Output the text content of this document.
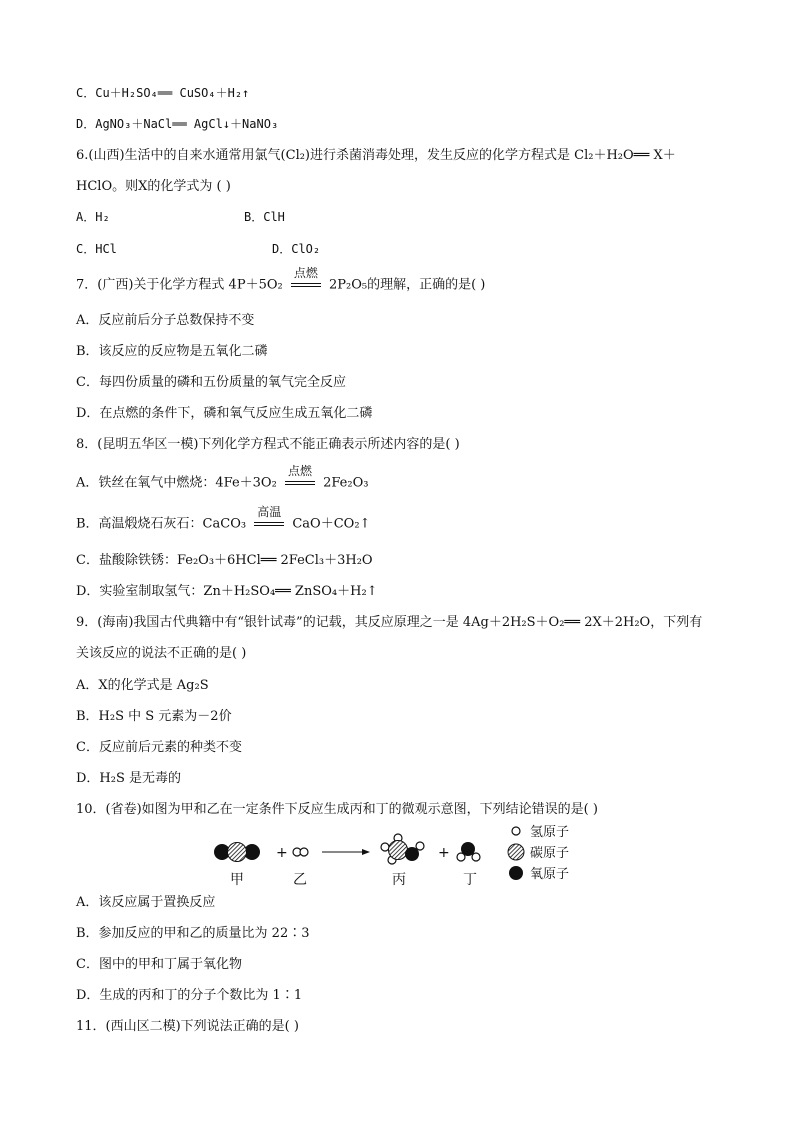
C．Cu＋H₂SO₄══ CuSO₄＋H₂↑
D．AgNO₃＋NaCl══ AgCl↓＋NaNO₃
6.(山西)生活中的自来水通常用氯气(Cl₂)进行杀菌消毒处理，发生反应的化学方程式是 Cl₂＋H₂O══ X＋
HClO。则X的化学式为 ( )
A．H₂	B．ClH
C．HCl	D．ClO₂
7．(广西)关于化学方程式 4P＋5O₂
点燃
2P₂O₅的理解，正确的是( )
A．反应前后分子总数保持不变
B．该反应的反应物是五氧化二磷
C．每四份质量的磷和五份质量的氧气完全反应
D．在点燃的条件下，磷和氧气反应生成五氧化二磷
8．(昆明五华区一模)下列化学方程式不能正确表示所述内容的是( )
A．铁丝在氧气中燃烧：4Fe＋3O₂
点燃
2Fe₂O₃
B．高温煅烧石灰石：CaCO₃
高温
CaO＋CO₂↑
C．盐酸除铁锈：Fe₂O₃＋6HCl══ 2FeCl₃＋3H₂O
D．实验室制取氢气：Zn＋H₂SO₄══ ZnSO₄＋H₂↑
9．(海南)我国古代典籍中有“银针试毒”的记载，其反应原理之一是 4Ag＋2H₂S＋O₂══ 2X＋2H₂O，下列有
关该反应的说法不正确的是( )
A．X的化学式是 Ag₂S
B．H₂S 中 S 元素为－2价
C．反应前后元素的种类不变
D．H₂S 是无毒的
10．(省卷)如图为甲和乙在一定条件下反应生成丙和丁的微观示意图，下列结论错误的是( )
+	+
甲	乙	丙	丁
氢原子
碳原子
氧原子
A．该反应属于置换反应
B．参加反应的甲和乙的质量比为 22∶3
C．图中的甲和丁属于氧化物
D．生成的丙和丁的分子个数比为 1∶1
11．(西山区二模)下列说法正确的是( )
